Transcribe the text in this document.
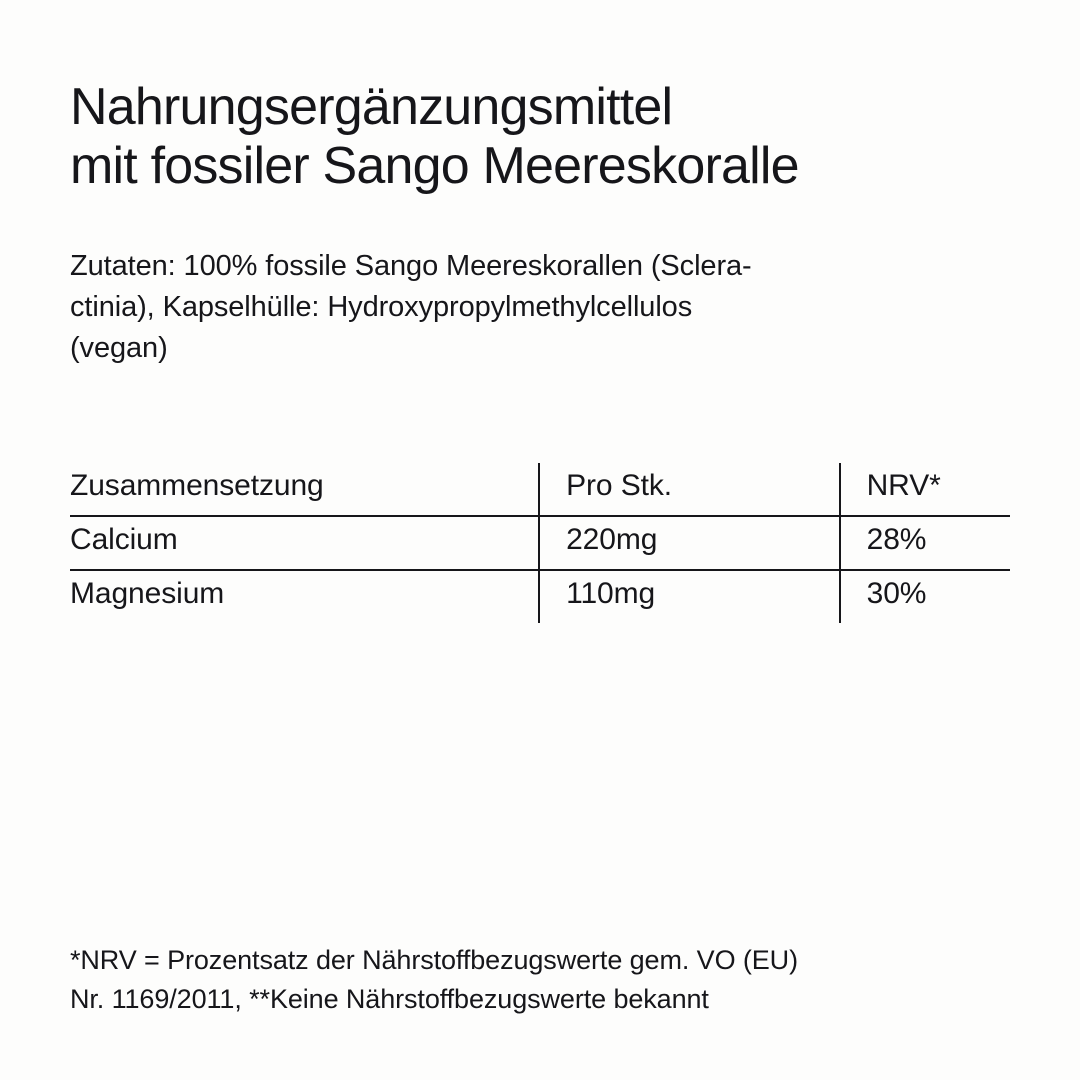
Nahrungsergänzungsmittel
mit fossiler Sango Meereskoralle
Zutaten: 100% fossile Sango Meereskorallen (Sclera-
ctinia), Kapselhülle: Hydroxypropylmethylcellulos
(vegan)
Zusammensetzung	Pro Stk.	NRV*

Calcium	220mg	28%

Magnesium	110mg	30%
*NRV = Prozentsatz der Nährstoffbezugswerte gem. VO (EU)
Nr. 1169/2011, **Keine Nährstoffbezugswerte bekannt
